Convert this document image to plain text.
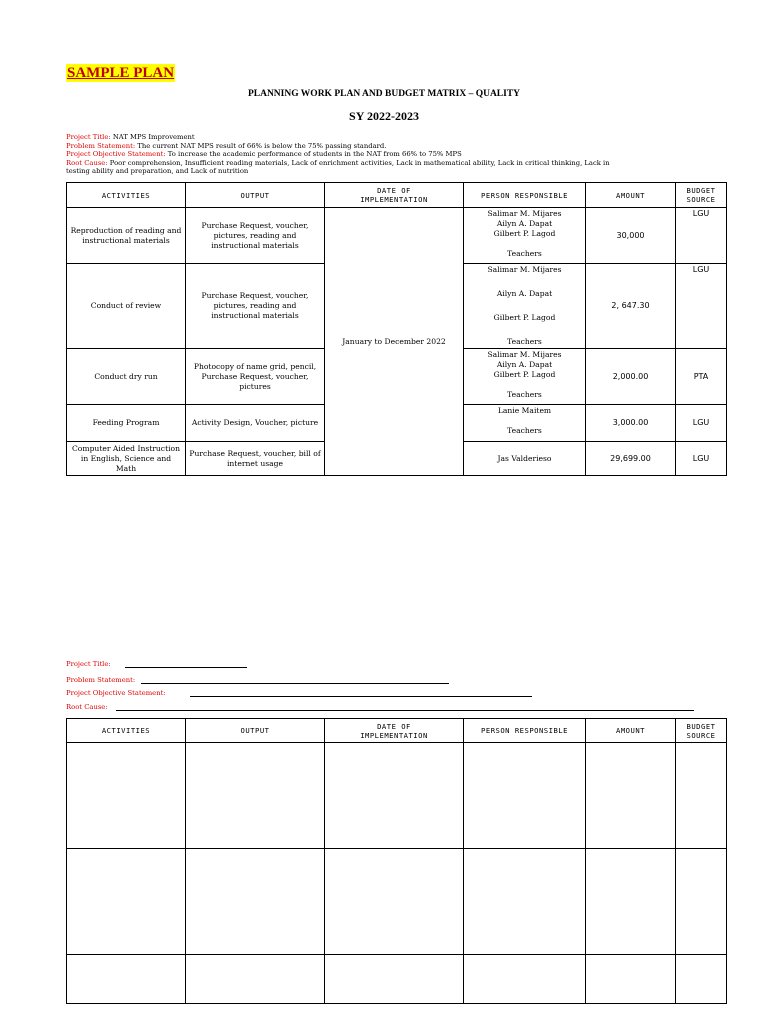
SAMPLE PLAN
PLANNING WORK PLAN AND BUDGET MATRIX – QUALITY
SY 2022-2023
Project Title: NAT MPS Improvement
Problem Statement: The current NAT MPS result of 66% is below the 75% passing standard.
Project Objective Statement: To increase the academic performance of students in the NAT from 66% to 75% MPS
Root Cause: Poor comprehension, Insufficient reading materials, Lack of enrichment activities, Lack in mathematical ability, Lack in critical thinking, Lack in
testing ability and preparation, and Lack of nutrition
ACTIVITIES	OUTPUT	DATE OF
IMPLEMENTATION	PERSON RESPONSIBLE	AMOUNT	BUDGET
SOURCE

Reproduction of reading and instructional materials	Purchase Request, voucher, pictures, reading and instructional materials	January to December 2022	Salimar M. Mijares
Ailyn A. Dapat
Gilbert P. Lagod
Teachers	30,000	LGU
Conduct of review	Purchase Request, voucher, pictures, reading and instructional materials		Salimar M. Mijares
Ailyn A. Dapat
Gilbert P. Lagod
Teachers	2, 647.30	LGU
Conduct dry run	Photocopy of name grid, pencil, Purchase Request, voucher, pictures		Salimar M. Mijares
Ailyn A. Dapat
Gilbert P. Lagod
Teachers	2,000.00	PTA
Feeding Program	Activity Design, Voucher, picture		Lanie Maitem
Teachers	3,000.00	LGU
Computer Aided Instruction in English, Science and Math	Purchase Request, voucher, bill of internet usage		Jas Valderieso	29,699.00	LGU
Project Title:
Problem Statement:
Project Objective Statement:
Root Cause:
ACTIVITIES	OUTPUT	DATE OF
IMPLEMENTATION	PERSON RESPONSIBLE	AMOUNT	BUDGET
SOURCE
